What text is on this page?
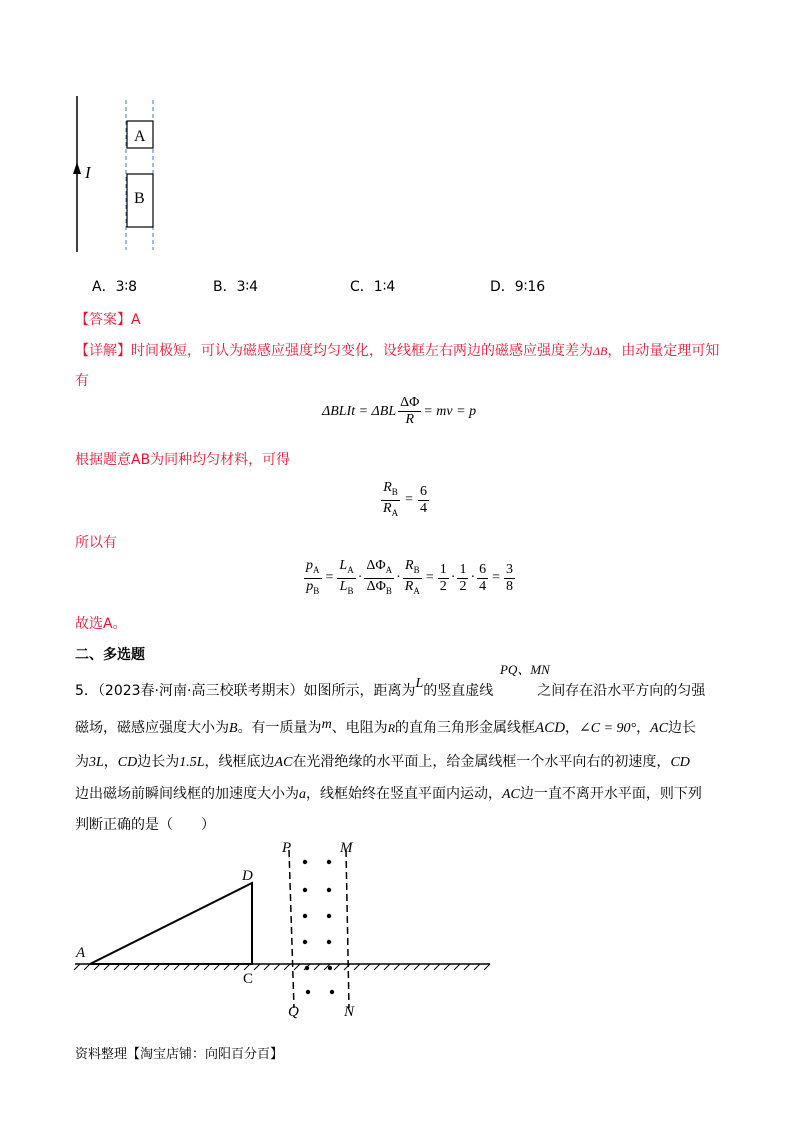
I
A
B
A．3∶8	B．3∶4	C．1∶4	D．9∶16
【答案】A
【详解】时间极短，可认为磁感应强度均匀变化，设线框左右两边的磁感应强度差为ΔB，由动量定理可知
有
ΔBLIt = ΔBL $\frac{\Delta\Phi}{R}$ = mv = p
根据题意AB为同种均匀材料，可得
$\frac{R_B}{R_A} = \frac{6}{4}$
所以有
$\frac{p_A}{p_B} = \frac{L_A}{L_B} \cdot \frac{\Delta\Phi_A}{\Delta\Phi_B} \cdot \frac{R_B}{R_A} = \frac{1}{2} \cdot \frac{1}{2} \cdot \frac{6}{4} = \frac{3}{8}$
故选A。
二、多选题
5．（2023春·河南·高三校联考期末）如图所示，距离为L的竖直虚线	之间存在沿水平方向的匀强
PQ、MN
磁场，磁感应强度大小为B。有一质量为m、电阻为R的直角三角形金属线框ACD，∠C = 90°，AC边长
为3L，CD边长为1.5L，线框底边AC在光滑绝缘的水平面上，给金属线框一个水平向右的初速度，CD
边出磁场前瞬间线框的加速度大小为a，线框始终在竖直平面内运动，AC边一直不离开水平面，则下列
判断正确的是（　　）
A
C
D
P	M
Q	N
资料整理【淘宝店铺：向阳百分百】
